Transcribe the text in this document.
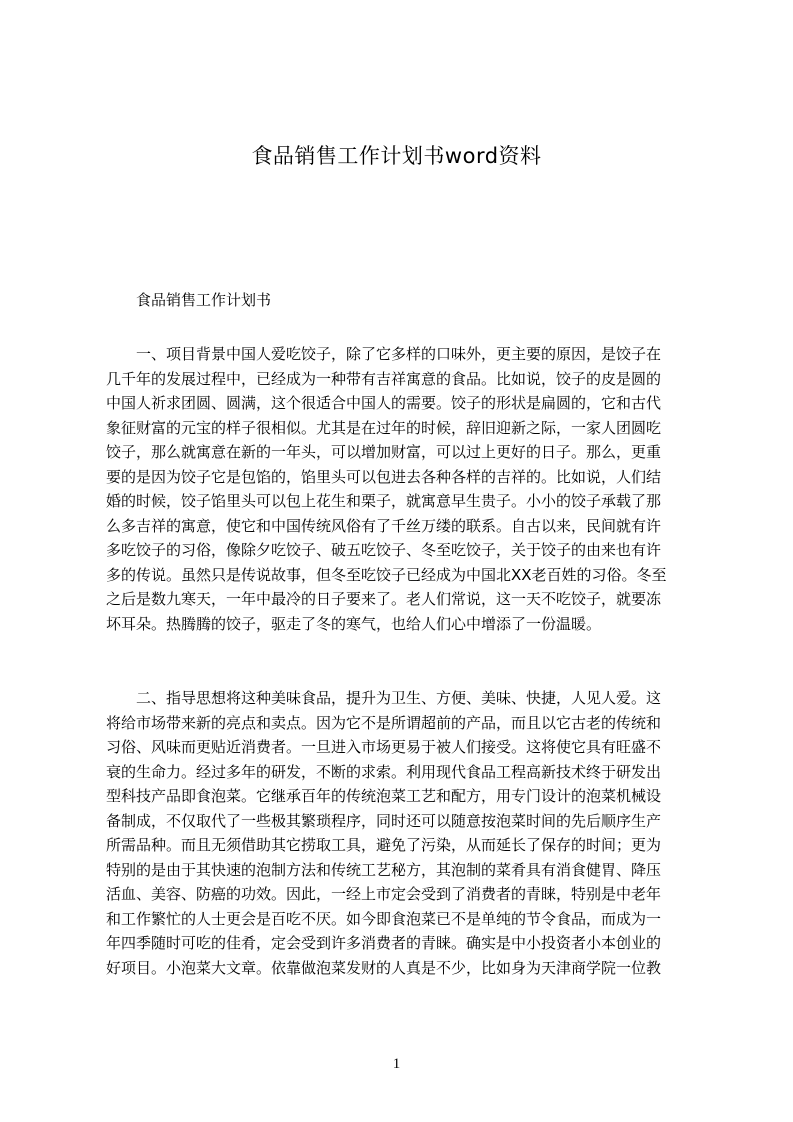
食品销售工作计划书word资料
食品销售工作计划书
　　一、项目背景中国人爱吃饺子，除了它多样的口味外，更主要的原因，是饺子在
几千年的发展过程中，已经成为一种带有吉祥寓意的食品。比如说，饺子的皮是圆的
中国人祈求团圆、圆满，这个很适合中国人的需要。饺子的形状是扁圆的，它和古代
象征财富的元宝的样子很相似。尤其是在过年的时候，辞旧迎新之际，一家人团圆吃
饺子，那么就寓意在新的一年头，可以增加财富，可以过上更好的日子。那么，更重
要的是因为饺子它是包馅的，馅里头可以包进去各种各样的吉祥的。比如说，人们结
婚的时候，饺子馅里头可以包上花生和栗子，就寓意早生贵子。小小的饺子承载了那
么多吉祥的寓意，使它和中国传统风俗有了千丝万缕的联系。自古以来，民间就有许
多吃饺子的习俗，像除夕吃饺子、破五吃饺子、冬至吃饺子，关于饺子的由来也有许
多的传说。虽然只是传说故事，但冬至吃饺子已经成为中国北XX老百姓的习俗。冬至
之后是数九寒天，一年中最冷的日子要来了。老人们常说，这一天不吃饺子，就要冻
坏耳朵。热腾腾的饺子，驱走了冬的寒气，也给人们心中增添了一份温暖。
　　二、指导思想将这种美味食品，提升为卫生、方便、美味、快捷，人见人爱。这
将给市场带来新的亮点和卖点。因为它不是所谓超前的产品，而且以它古老的传统和
习俗、风味而更贴近消费者。一旦进入市场更易于被人们接受。这将使它具有旺盛不
衰的生命力。经过多年的研发，不断的求索。利用现代食品工程高新技术终于研发出
型科技产品即食泡菜。它继承百年的传统泡菜工艺和配方，用专门设计的泡菜机械设
备制成，不仅取代了一些极其繁琐程序，同时还可以随意按泡菜时间的先后顺序生产
所需品种。而且无须借助其它捞取工具，避免了污染，从而延长了保存的时间；更为
特别的是由于其快速的泡制方法和传统工艺秘方，其泡制的菜肴具有消食健胃、降压
活血、美容、防癌的功效。因此，一经上市定会受到了消费者的青睐，特别是中老年
和工作繁忙的人士更会是百吃不厌。如今即食泡菜已不是单纯的节令食品，而成为一
年四季随时可吃的佳肴，定会受到许多消费者的青睐。确实是中小投资者小本创业的
好项目。小泡菜大文章。依靠做泡菜发财的人真是不少，比如身为天津商学院一位教
1
